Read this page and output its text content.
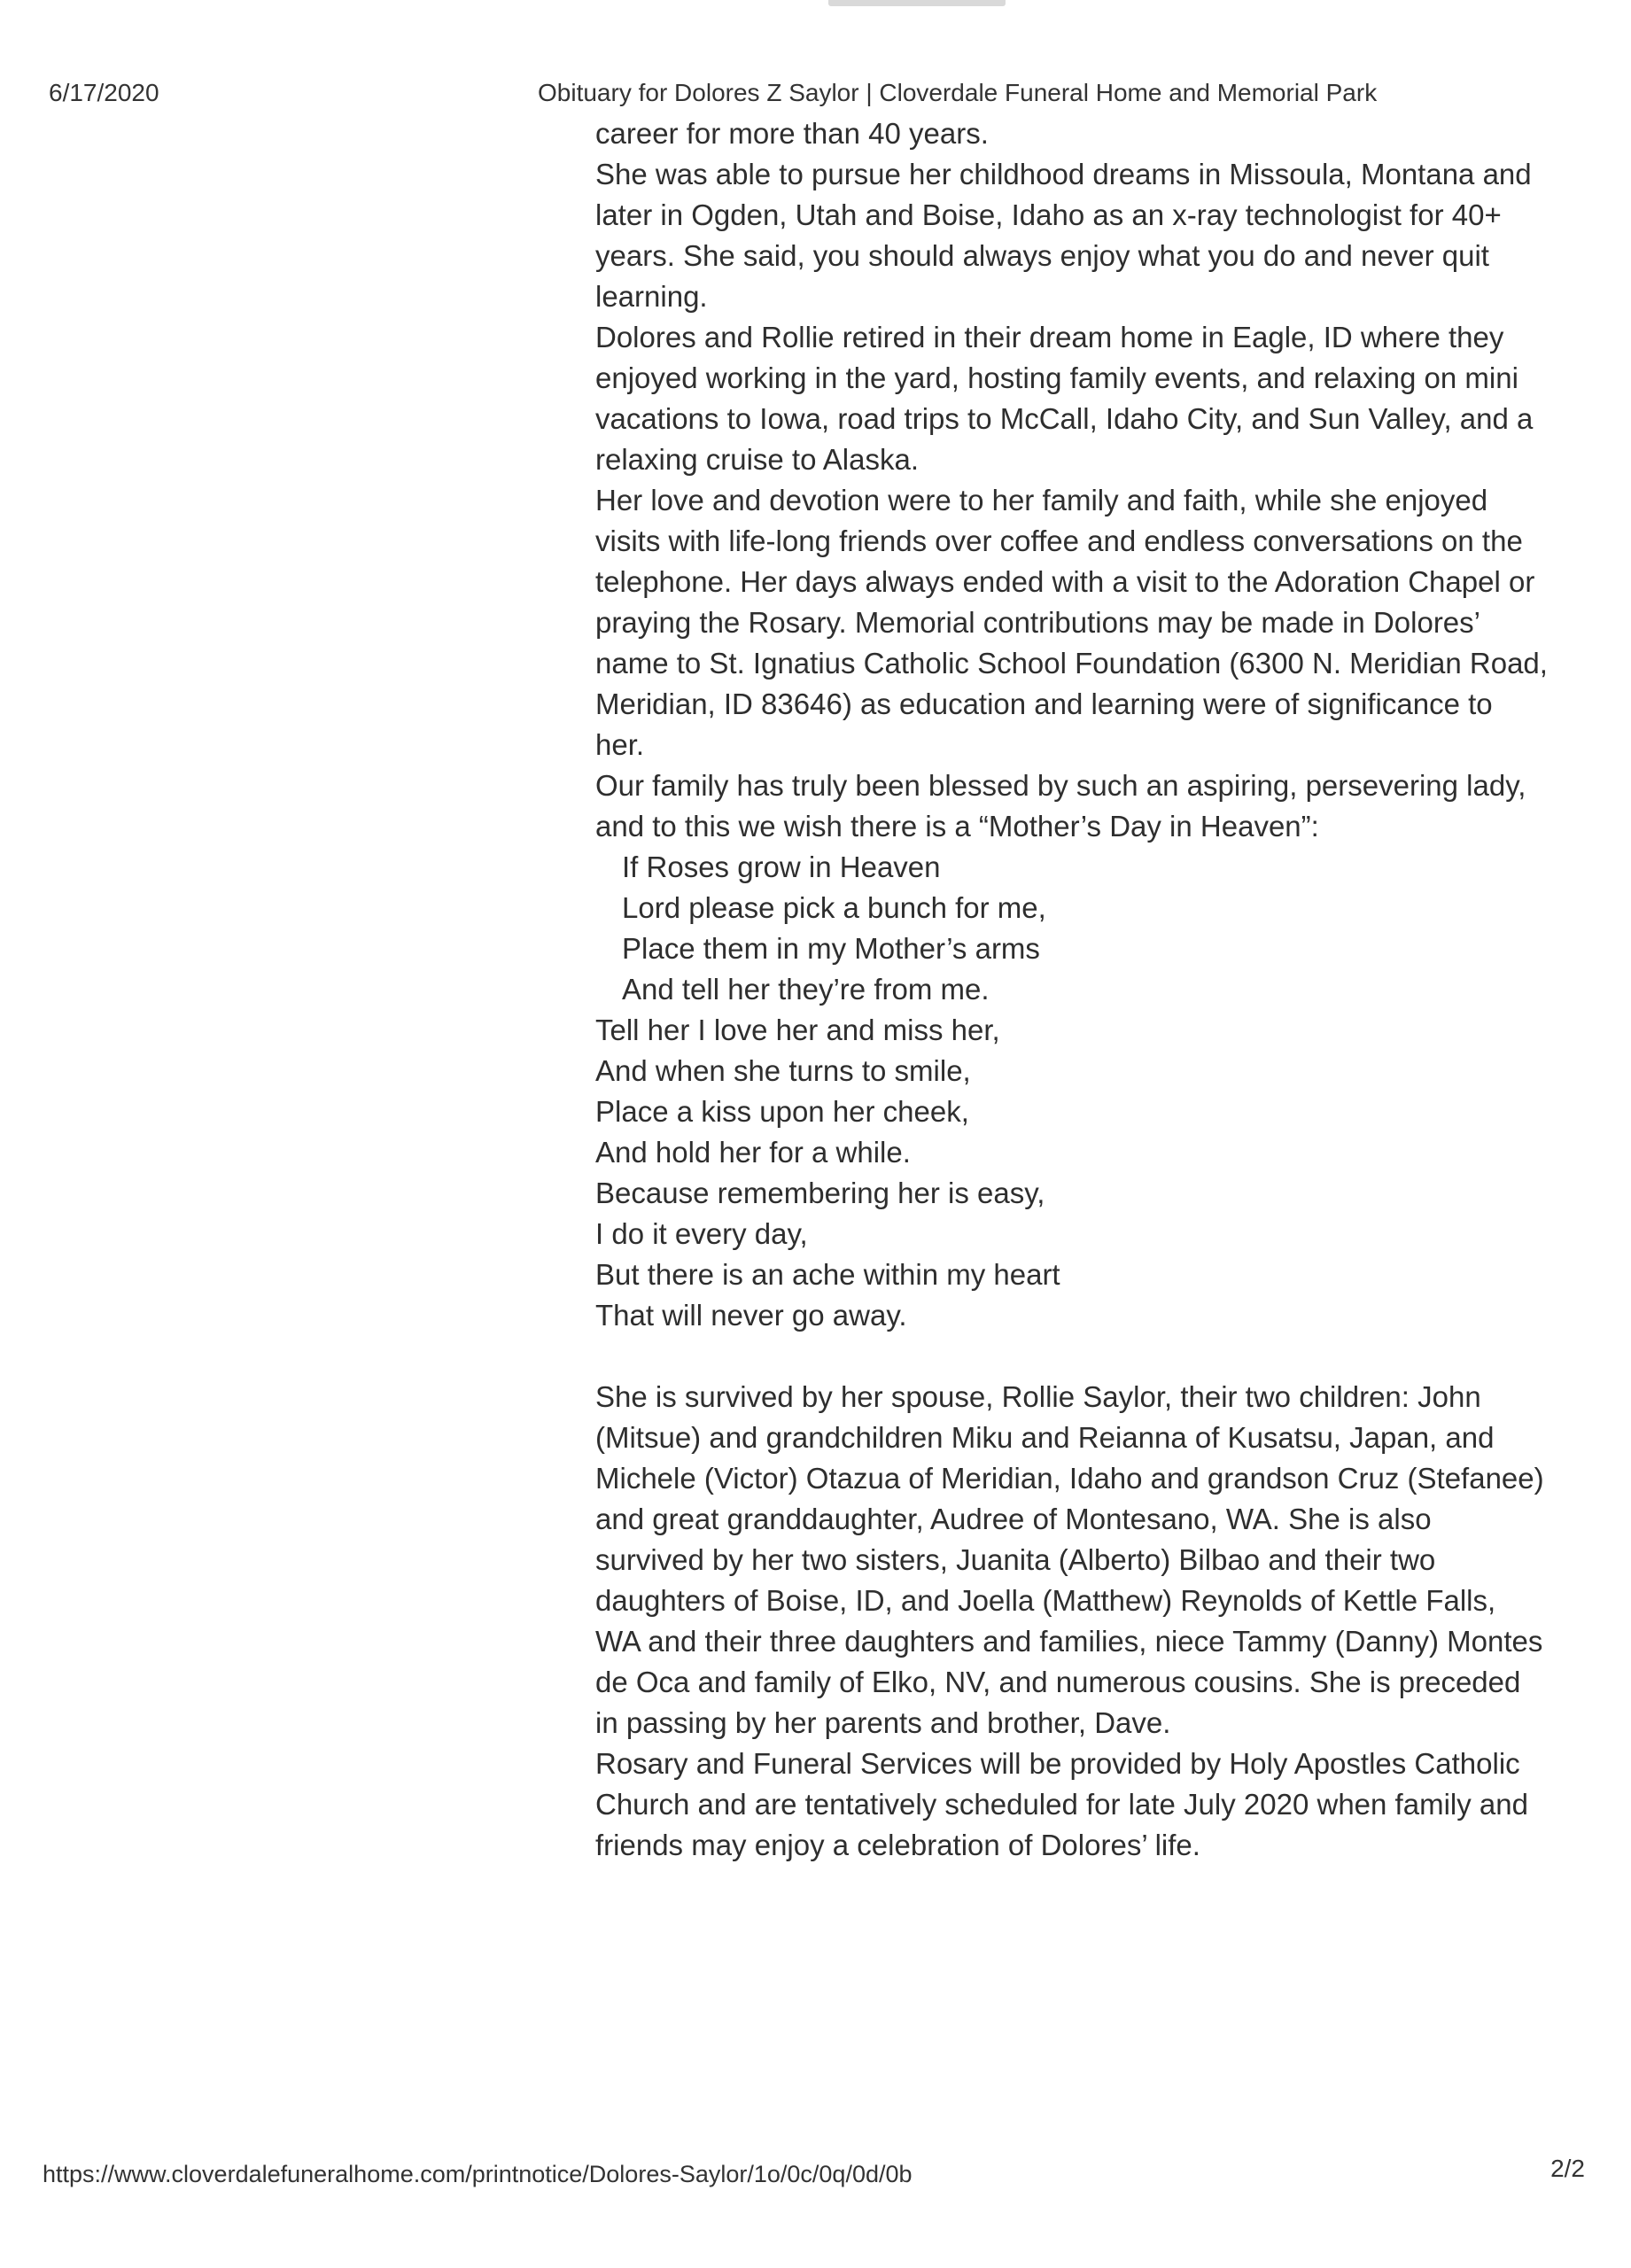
6/17/2020	Obituary for Dolores Z Saylor | Cloverdale Funeral Home and Memorial Park
career for more than 40 years.
She was able to pursue her childhood dreams in Missoula, Montana and
later in Ogden, Utah and Boise, Idaho as an x-ray technologist for 40+
years. She said, you should always enjoy what you do and never quit
learning.
Dolores and Rollie retired in their dream home in Eagle, ID where they
enjoyed working in the yard, hosting family events, and relaxing on mini
vacations to Iowa, road trips to McCall, Idaho City, and Sun Valley, and a
relaxing cruise to Alaska.
Her love and devotion were to her family and faith, while she enjoyed
visits with life-long friends over coffee and endless conversations on the
telephone. Her days always ended with a visit to the Adoration Chapel or
praying the Rosary. Memorial contributions may be made in Dolores’
name to St. Ignatius Catholic School Foundation (6300 N. Meridian Road,
Meridian, ID 83646) as education and learning were of significance to
her.
Our family has truly been blessed by such an aspiring, persevering lady,
and to this we wish there is a “Mother’s Day in Heaven”:
If Roses grow in Heaven
Lord please pick a bunch for me,
Place them in my Mother’s arms
And tell her they’re from me.
Tell her I love her and miss her,
And when she turns to smile,
Place a kiss upon her cheek,
And hold her for a while.
Because remembering her is easy,
I do it every day,
But there is an ache within my heart
That will never go away.

She is survived by her spouse, Rollie Saylor, their two children: John
(Mitsue) and grandchildren Miku and Reianna of Kusatsu, Japan, and
Michele (Victor) Otazua of Meridian, Idaho and grandson Cruz (Stefanee)
and great granddaughter, Audree of Montesano, WA. She is also
survived by her two sisters, Juanita (Alberto) Bilbao and their two
daughters of Boise, ID, and Joella (Matthew) Reynolds of Kettle Falls,
WA and their three daughters and families, niece Tammy (Danny) Montes
de Oca and family of Elko, NV, and numerous cousins. She is preceded
in passing by her parents and brother, Dave.
Rosary and Funeral Services will be provided by Holy Apostles Catholic
Church and are tentatively scheduled for late July 2020 when family and
friends may enjoy a celebration of Dolores’ life.
https://www.cloverdalefuneralhome.com/printnotice/Dolores-Saylor/1o/0c/0q/0d/0b	2/2
